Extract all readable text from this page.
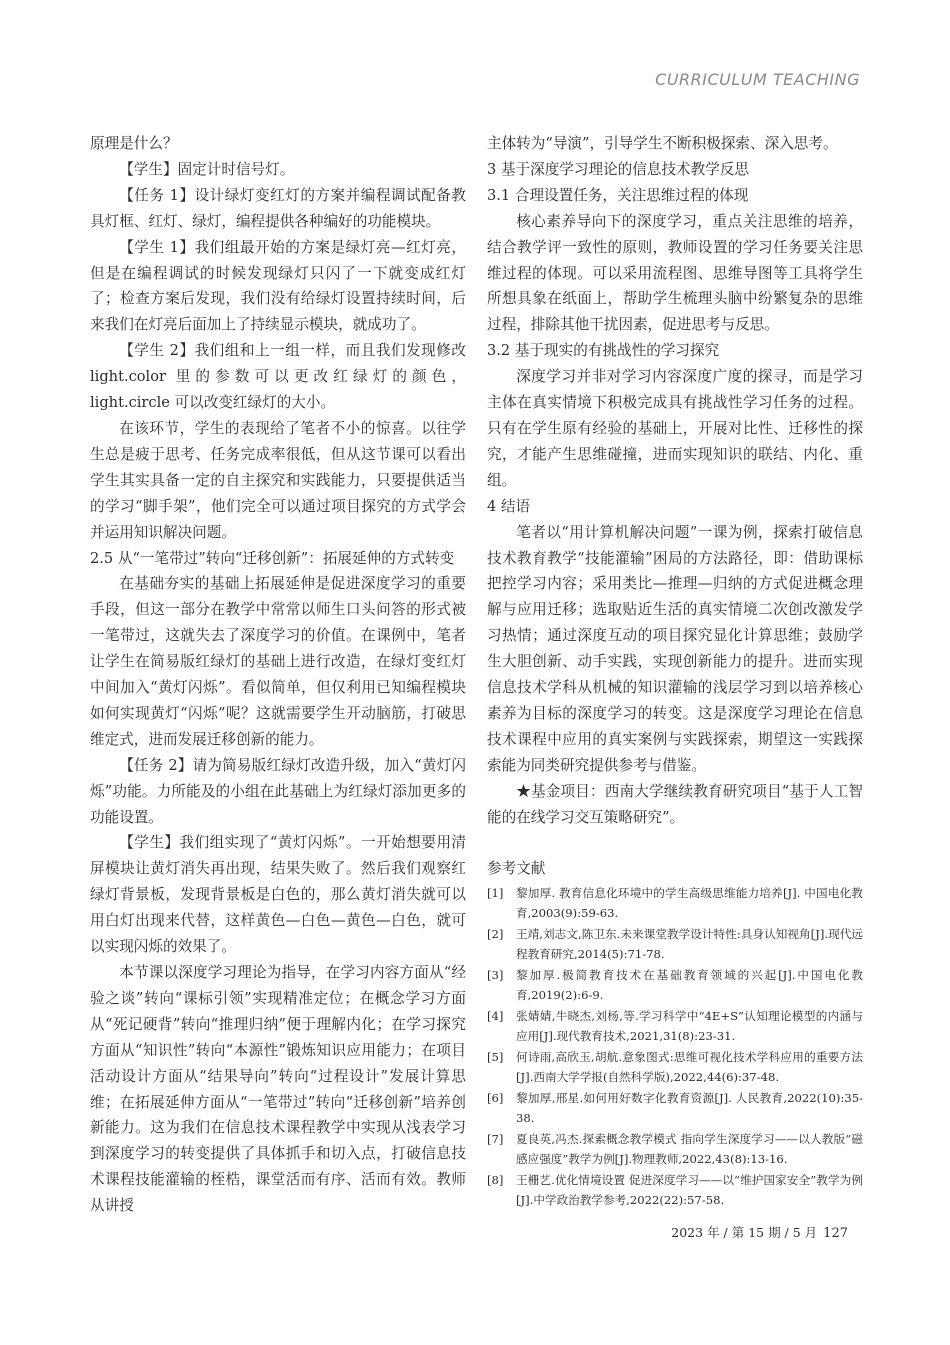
CURRICULUM TEACHING

原理是什么？

【学生】固定计时信号灯。

【任务 1】设计绿灯变红灯的方案并编程调试配备教具灯框、红灯、绿灯，编程提供各种编好的功能模块。

【学生 1】我们组最开始的方案是绿灯亮—红灯亮，但是在编程调试的时候发现绿灯只闪了一下就变成红灯了；检查方案后发现，我们没有给绿灯设置持续时间，后来我们在灯亮后面加上了持续显示模块，就成功了。

【学生 2】我们组和上一组一样，而且我们发现修改 light.color 里的参数可以更改红绿灯的颜色，light.circle 可以改变红绿灯的大小。

在该环节，学生的表现给了笔者不小的惊喜。以往学生总是疲于思考、任务完成率很低，但从这节课可以看出学生其实具备一定的自主探究和实践能力，只要提供适当的学习“脚手架”，他们完全可以通过项目探究的方式学会并运用知识解决问题。

2.5 从“一笔带过”转向“迁移创新”：拓展延伸的方式转变

在基础夯实的基础上拓展延伸是促进深度学习的重要手段，但这一部分在教学中常常以师生口头问答的形式被一笔带过，这就失去了深度学习的价值。在课例中，笔者让学生在简易版红绿灯的基础上进行改造，在绿灯变红灯中间加入“黄灯闪烁”。看似简单，但仅利用已知编程模块如何实现黄灯“闪烁”呢？这就需要学生开动脑筋，打破思维定式，进而发展迁移创新的能力。

【任务 2】请为简易版红绿灯改造升级，加入“黄灯闪烁”功能。力所能及的小组在此基础上为红绿灯添加更多的功能设置。

【学生】我们组实现了“黄灯闪烁”。一开始想要用清屏模块让黄灯消失再出现，结果失败了。然后我们观察红绿灯背景板，发现背景板是白色的，那么黄灯消失就可以用白灯出现来代替，这样黄色—白色—黄色—白色，就可以实现闪烁的效果了。

本节课以深度学习理论为指导，在学习内容方面从“经验之谈”转向“课标引领”实现精准定位；在概念学习方面从“死记硬背”转向“推理归纳”便于理解内化；在学习探究方面从“知识性”转向“本源性”锻炼知识应用能力；在项目活动设计方面从“结果导向”转向“过程设计”发展计算思维；在拓展延伸方面从“一笔带过”转向“迁移创新”培养创新能力。这为我们在信息技术课程教学中实现从浅表学习到深度学习的转变提供了具体抓手和切入点，打破信息技术课程技能灌输的桎梏，课堂活而有序、活而有效。教师从讲授

主体转为“导演”，引导学生不断积极探索、深入思考。

3 基于深度学习理论的信息技术教学反思

3.1 合理设置任务，关注思维过程的体现

核心素养导向下的深度学习，重点关注思维的培养，结合教学评一致性的原则，教师设置的学习任务要关注思维过程的体现。可以采用流程图、思维导图等工具将学生所想具象在纸面上，帮助学生梳理头脑中纷繁复杂的思维过程，排除其他干扰因素，促进思考与反思。

3.2 基于现实的有挑战性的学习探究

深度学习并非对学习内容深度广度的探寻，而是学习主体在真实情境下积极完成具有挑战性学习任务的过程。只有在学生原有经验的基础上，开展对比性、迁移性的探究，才能产生思维碰撞，进而实现知识的联结、内化、重组。

4 结语

笔者以“用计算机解决问题”一课为例，探索打破信息技术教育教学“技能灌输”困局的方法路径，即：借助课标把控学习内容；采用类比—推理—归纳的方式促进概念理解与应用迁移；选取贴近生活的真实情境二次创改激发学习热情；通过深度互动的项目探究显化计算思维；鼓励学生大胆创新、动手实践，实现创新能力的提升。进而实现信息技术学科从机械的知识灌输的浅层学习到以培养核心素养为目标的深度学习的转变。这是深度学习理论在信息技术课程中应用的真实案例与实践探索，期望这一实践探索能为同类研究提供参考与借鉴。

★基金项目：西南大学继续教育研究项目“基于人工智能的在线学习交互策略研究”。

参考文献

[1] 黎加厚. 教育信息化环境中的学生高级思维能力培养[J]. 中国电化教育,2003(9):59-63.
[2] 王靖,刘志文,陈卫东.未来课堂教学设计特性:具身认知视角[J].现代远程教育研究,2014(5):71-78.
[3] 黎加厚.极简教育技术在基础教育领域的兴起[J].中国电化教育,2019(2):6-9.
[4] 张婧婧,牛晓杰,刘杨,等.学习科学中“4E+S”认知理论模型的内涵与应用[J].现代教育技术,2021,31(8):23-31.
[5] 何诗雨,高欣玉,胡航.意象图式:思维可视化技术学科应用的重要方法[J].西南大学学报(自然科学版),2022,44(6):37-48.
[6] 黎加厚,邢星.如何用好数字化教育资源[J]. 人民教育,2022(10):35-38.
[7] 夏良英,冯杰.探索概念教学模式 指向学生深度学习——以人教版“磁感应强度”教学为例[J].物理教师,2022,43(8):13-16.
[8] 王栅艺.优化情境设置 促进深度学习——以“维护国家安全”教学为例[J].中学政治教学参考,2022(22):57-58.
2023 年 / 第 15 期 / 5 月 127
